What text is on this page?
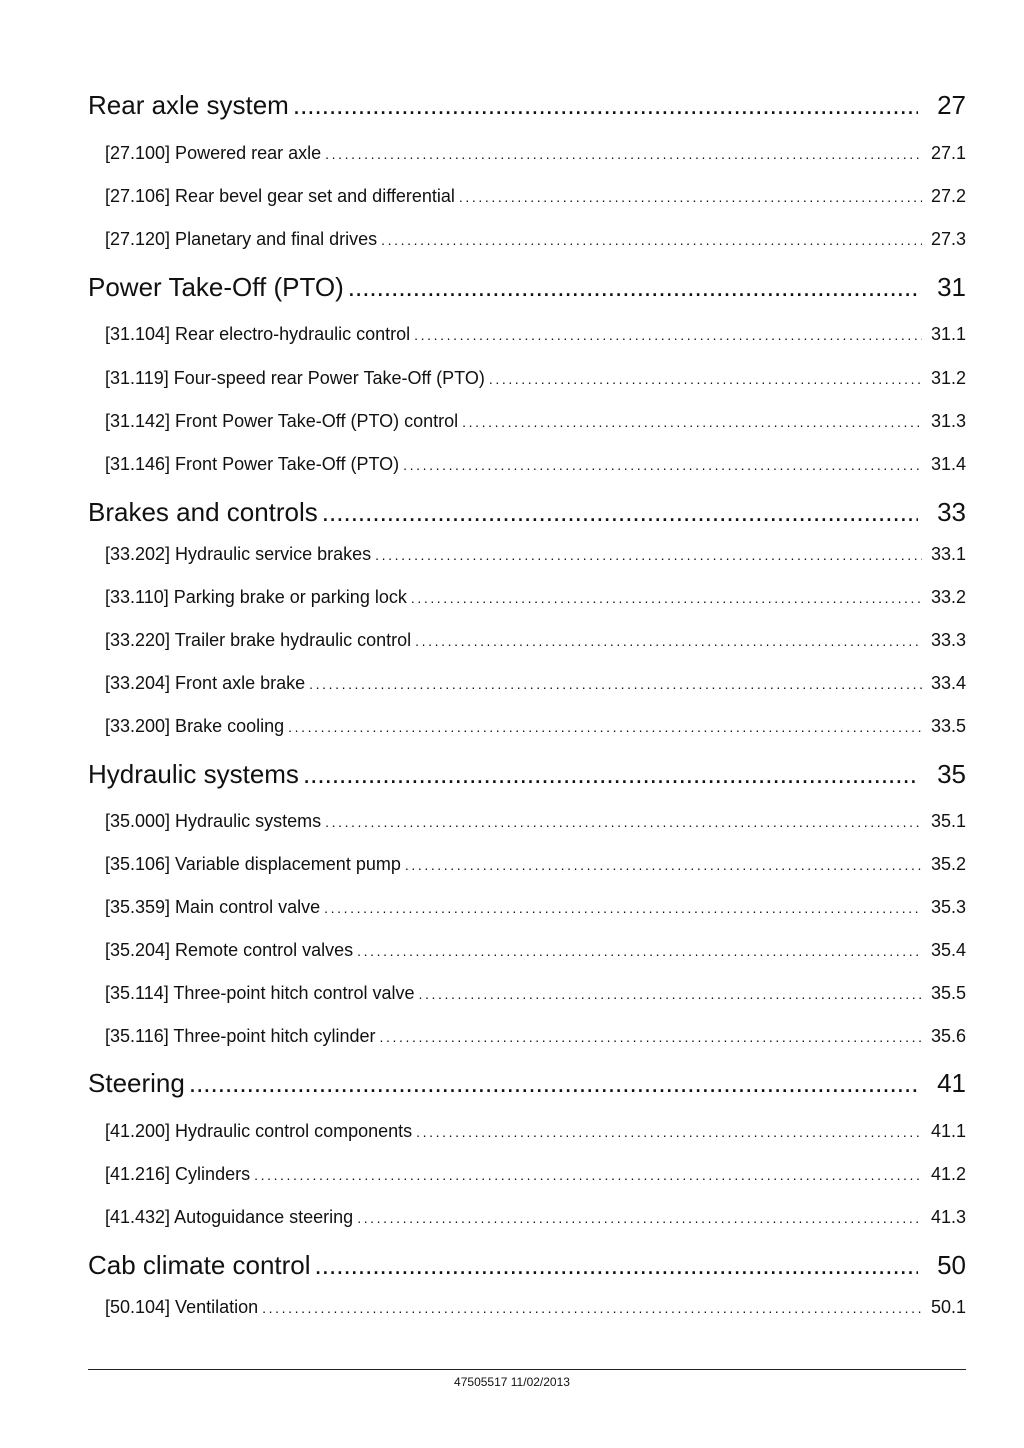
Rear axle system .....	27
[27.100] Powered rear axle .....	27.1
[27.106] Rear bevel gear set and differential .....	27.2
[27.120] Planetary and final drives .....	27.3
Power Take-Off (PTO) .....	31
[31.104] Rear electro-hydraulic control .....	31.1
[31.119] Four-speed rear Power Take-Off (PTO) .....	31.2
[31.142] Front Power Take-Off (PTO) control .....	31.3
[31.146] Front Power Take-Off (PTO) .....	31.4
Brakes and controls .....	33
[33.202] Hydraulic service brakes .....	33.1
[33.110] Parking brake or parking lock .....	33.2
[33.220] Trailer brake hydraulic control .....	33.3
[33.204] Front axle brake .....	33.4
[33.200] Brake cooling .....	33.5
Hydraulic systems .....	35
[35.000] Hydraulic systems .....	35.1
[35.106] Variable displacement pump .....	35.2
[35.359] Main control valve .....	35.3
[35.204] Remote control valves .....	35.4
[35.114] Three-point hitch control valve .....	35.5
[35.116] Three-point hitch cylinder .....	35.6
Steering .....	41
[41.200] Hydraulic control components .....	41.1
[41.216] Cylinders .....	41.2
[41.432] Autoguidance steering .....	41.3
Cab climate control .....	50
[50.104] Ventilation .....	50.1
47505517 11/02/2013
